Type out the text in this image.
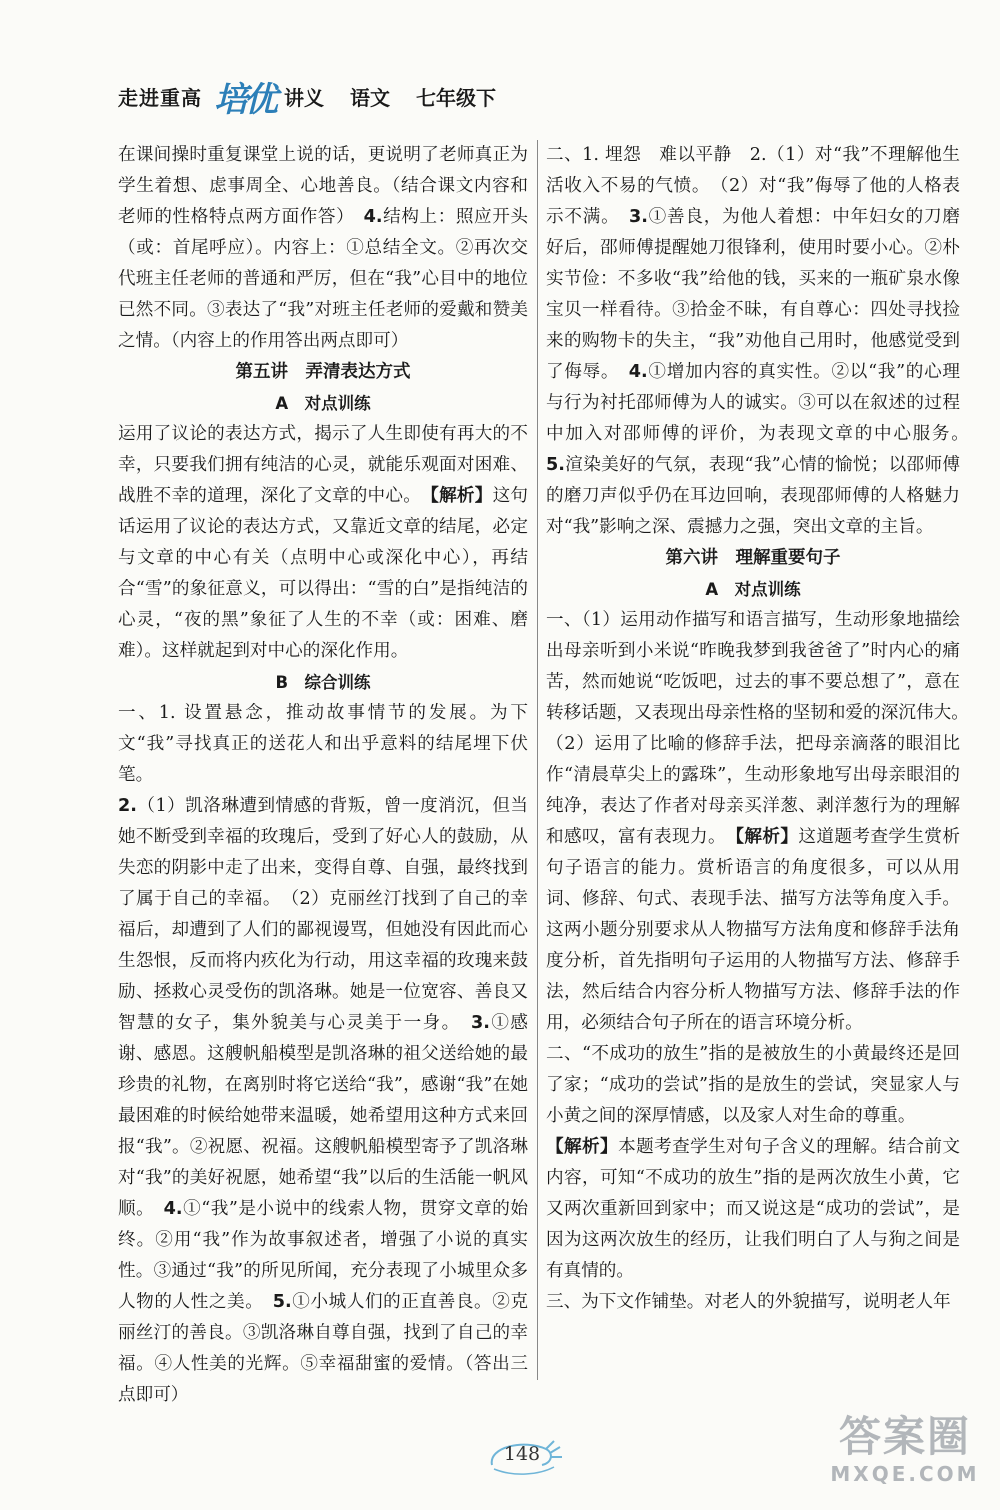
走进重高 培优 讲义 语文 七年级下

在课间操时重复课堂上说的话，更说明了老师真正为学生着想、虑事周全、心地善良。（结合课文内容和老师的性格特点两方面作答）　 4.结构上：照应开头（或：首尾呼应）。内容上：①总结全文。②再次交代班主任老师的普通和严厉，但在“我”心目中的地位已然不同。③表达了“我”对班主任老师的爱戴和赞美之情。（内容上的作用答出两点即可）

第五讲　弄清表达方式

A　对点训练

运用了议论的表达方式，揭示了人生即使有再大的不幸，只要我们拥有纯洁的心灵，就能乐观面对困难、战胜不幸的道理，深化了文章的中心。　 【解析】这句话运用了议论的表达方式，又靠近文章的结尾，必定与文章的中心有关（点明中心或深化中心），再结合“雪”的象征意义，可以得出：“雪的白”是指纯洁的心灵，“夜的黑”象征了人生的不幸（或：困难、磨难）。这样就起到对中心的深化作用。

B　综合训练

一、1. 设置悬念，推动故事情节的发展。为下文“我”寻找真正的送花人和出乎意料的结尾埋下伏笔。

2.（1）凯洛琳遭到情感的背叛，曾一度消沉，但当她不断受到幸福的玫瑰后，受到了好心人的鼓励，从失恋的阴影中走了出来，变得自尊、自强，最终找到了属于自己的幸福。　（2）克丽丝汀找到了自己的幸福后，却遭到了人们的鄙视谩骂，但她没有因此而心生怨恨，反而将内疚化为行动，用这幸福的玫瑰来鼓励、拯救心灵受伤的凯洛琳。她是一位宽容、善良又智慧的女子，集外貌美与心灵美于一身。　 3.①感谢、感恩。这艘帆船模型是凯洛琳的祖父送给她的最珍贵的礼物，在离别时将它送给“我”，感谢“我”在她最困难的时候给她带来温暖，她希望用这种方式来回报“我”。②祝愿、祝福。这艘帆船模型寄予了凯洛琳对“我”的美好祝愿，她希望“我”以后的生活能一帆风顺。　 4.①“我”是小说中的线索人物，贯穿文章的始终。②用“我”作为故事叙述者，增强了小说的真实性。③通过“我”的所见所闻，充分表现了小城里众多人物的人性之美。　 5.①小城人们的正直善良。②克丽丝汀的善良。③凯洛琳自尊自强，找到了自己的幸福。④人性美的光辉。⑤幸福甜蜜的爱情。（答出三点即可）

二、1. 埋怨　难以平静　2.（1）对“我”不理解他生活收入不易的气愤。　（2）对“我”侮辱了他的人格表示不满。　 3.①善良，为他人着想：中年妇女的刀磨好后，邵师傅提醒她刀很锋利，使用时要小心。②朴实节俭：不多收“我”给他的钱，买来的一瓶矿泉水像宝贝一样看待。③拾金不昧，有自尊心：四处寻找捡来的购物卡的失主，“我”劝他自己用时，他感觉受到了侮辱。　 4.①增加内容的真实性。②以“我”的心理与行为衬托邵师傅为人的诚实。③可以在叙述的过程中加入对邵师傅的评价，为表现文章的中心服务。　5.渲染美好的气氛，表现“我”心情的愉悦；以邵师傅的磨刀声似乎仍在耳边回响，表现邵师傅的人格魅力对“我”影响之深、震撼力之强，突出文章的主旨。

第六讲　理解重要句子

A　对点训练

一、（1）运用动作描写和语言描写，生动形象地描绘出母亲听到小米说“昨晚我梦到我爸爸了”时内心的痛苦，然而她说“吃饭吧，过去的事不要总想了”，意在转移话题，又表现出母亲性格的坚韧和爱的深沉伟大。　（2）运用了比喻的修辞手法，把母亲滴落的眼泪比作“清晨草尖上的露珠”，生动形象地写出母亲眼泪的纯净，表达了作者对母亲买洋葱、剥洋葱行为的理解和感叹，富有表现力。　 【解析】这道题考查学生赏析句子语言的能力。赏析语言的角度很多，可以从用词、修辞、句式、表现手法、描写方法等角度入手。这两小题分别要求从人物描写方法角度和修辞手法角度分析，首先指明句子运用的人物描写方法、修辞手法，然后结合内容分析人物描写方法、修辞手法的作用，必须结合句子所在的语言环境分析。

二、“不成功的放生”指的是被放生的小黄最终还是回了家；“成功的尝试”指的是放生的尝试，突显家人与小黄之间的深厚情感，以及家人对生命的尊重。

【解析】本题考查学生对句子含义的理解。结合前文内容，可知“不成功的放生”指的是两次放生小黄，它又两次重新回到家中；而又说这是“成功的尝试”，是因为这两次放生的经历，让我们明白了人与狗之间是有真情的。

三、为下文作铺垫。对老人的外貌描写，说明老人年

148	答案圈
MXQE.COM
